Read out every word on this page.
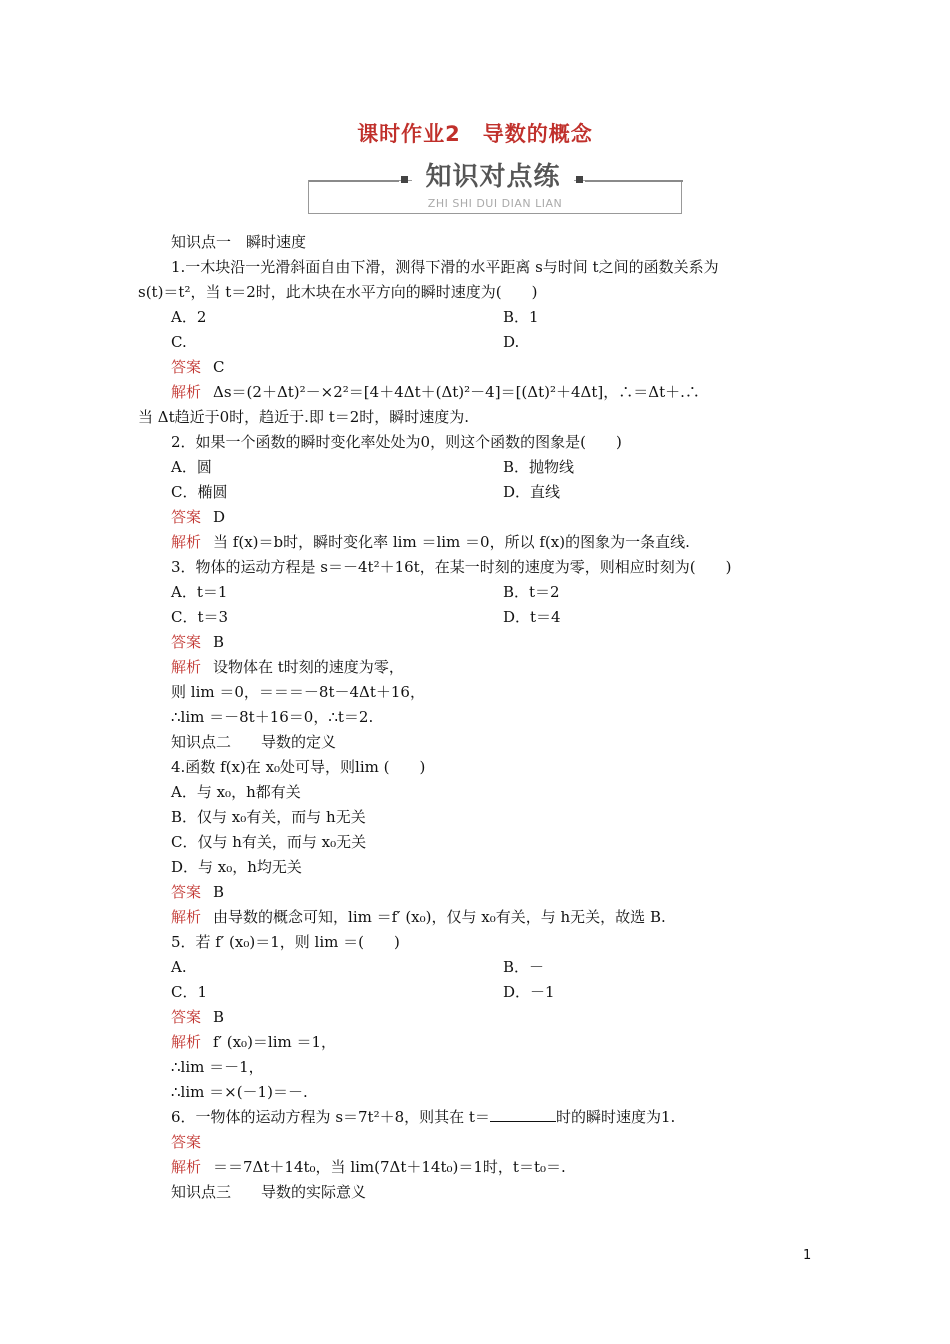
课时作业2　导数的概念
知识对点练
ZHI SHI DUI DIAN LIAN
知识点一　瞬时速度
1.一木块沿一光滑斜面自由下滑，测得下滑的水平距离 s与时间 t之间的函数关系为
s(t)＝t²，当 t＝2时，此木块在水平方向的瞬时速度为(　　)
A．2	B．1
C.	D.
答案 C
解析 Δs＝(2＋Δt)²－×2²＝[4＋4Δt＋(Δt)²－4]＝[(Δt)²＋4Δt]，∴＝Δt＋.∴
当 Δt趋近于0时，趋近于.即 t＝2时，瞬时速度为.
2．如果一个函数的瞬时变化率处处为0，则这个函数的图象是(　　)
A．圆	B．抛物线
C．椭圆	D．直线
答案 D
解析 当 f(x)＝b时，瞬时变化率 lim ＝lim ＝0，所以 f(x)的图象为一条直线.
3．物体的运动方程是 s＝－4t²＋16t，在某一时刻的速度为零，则相应时刻为(　　)
A．t＝1	B．t＝2
C．t＝3	D．t＝4
答案 B
解析 设物体在 t时刻的速度为零，
则 lim ＝0，＝＝＝－8t－4Δt＋16，
∴lim ＝－8t＋16＝0，∴t＝2.
知识点二　　导数的定义
4.函数 f(x)在 x₀处可导，则lim (　　)
A．与 x₀，h都有关
B．仅与 x₀有关，而与 h无关
C．仅与 h有关，而与 x₀无关
D．与 x₀，h均无关
答案 B
解析 由导数的概念可知，lim ＝f′ (x₀)，仅与 x₀有关，与 h无关，故选 B.
5．若 f′ (x₀)＝1，则 lim ＝(　　)
A.	B．－
C．1	D．－1
答案 B
解析 f′ (x₀)＝lim ＝1，
∴lim ＝－1，
∴lim ＝×(－1)＝－.
6．一物体的运动方程为 s＝7t²＋8，则其在 t＝	时的瞬时速度为1.
答案
解析 ＝＝7Δt＋14t₀，当 lim(7Δt＋14t₀)＝1时，t＝t₀＝.
知识点三　　导数的实际意义
1
